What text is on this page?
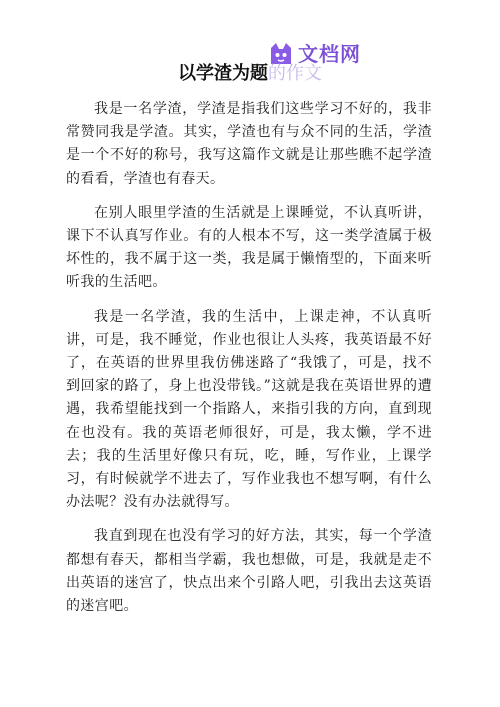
文档网
以学渣为题的作文

我是一名学渣，学渣是指我们这些学习不好的，我非常赞同我是学渣。其实，学渣也有与众不同的生活，学渣是一个不好的称号，我写这篇作文就是让那些瞧不起学渣的看看，学渣也有春天。

在别人眼里学渣的生活就是上课睡觉，不认真听讲，课下不认真写作业。有的人根本不写，这一类学渣属于极坏性的，我不属于这一类，我是属于懒惰型的，下面来听听我的生活吧。

我是一名学渣，我的生活中，上课走神，不认真听讲，可是，我不睡觉，作业也很让人头疼，我英语最不好了，在英语的世界里我仿佛迷路了“我饿了，可是，找不到回家的路了，身上也没带钱。”这就是我在英语世界的遭遇，我希望能找到一个指路人，来指引我的方向，直到现在也没有。我的英语老师很好，可是，我太懒，学不进去；我的生活里好像只有玩，吃，睡，写作业，上课学习，有时候就学不进去了，写作业我也不想写啊，有什么办法呢？没有办法就得写。

我直到现在也没有学习的好方法，其实，每一个学渣都想有春天，都相当学霸，我也想做，可是，我就是走不出英语的迷宫了，快点出来个引路人吧，引我出去这英语的迷宫吧。
